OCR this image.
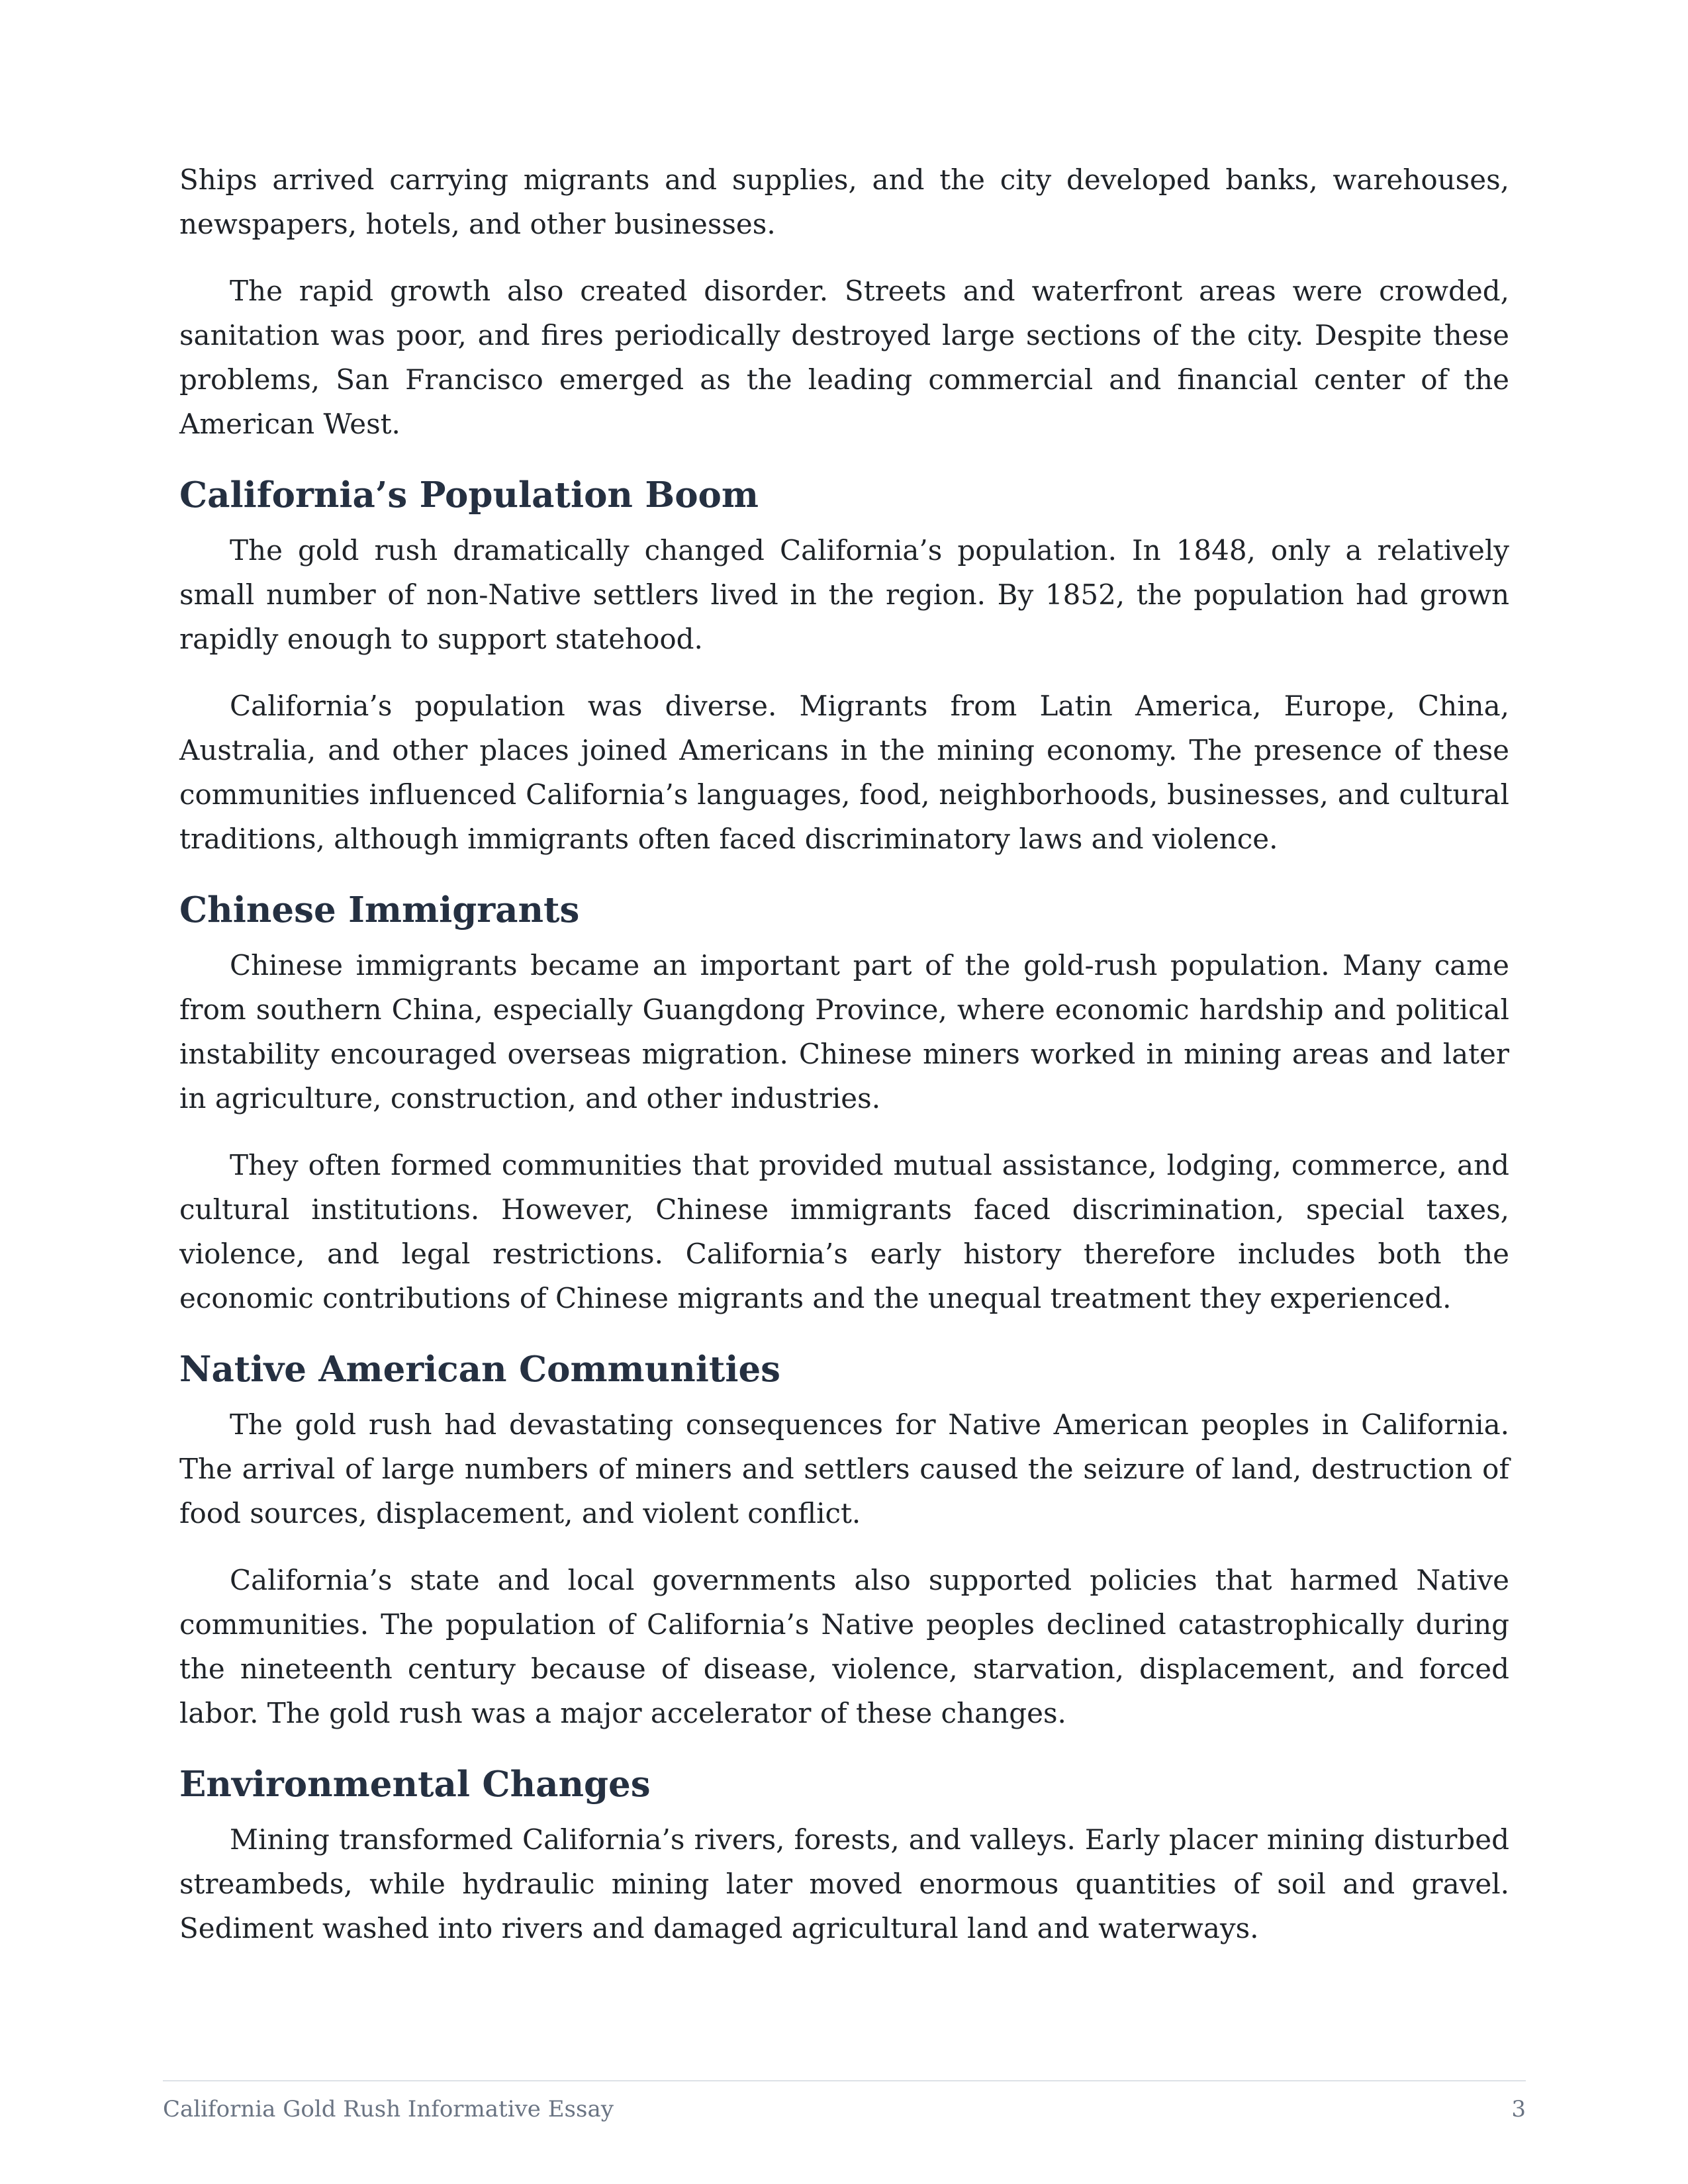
Ships arrived carrying migrants and supplies, and the city developed banks, warehouses, newspapers, hotels, and other businesses.

The rapid growth also created disorder. Streets and waterfront areas were crowded, sanitation was poor, and fires periodically destroyed large sections of the city. Despite these problems, San Francisco emerged as the leading commercial and financial center of the American West.

California’s Population Boom

The gold rush dramatically changed California’s population. In 1848, only a relatively small number of non-Native settlers lived in the region. By 1852, the population had grown rapidly enough to support statehood.

California’s population was diverse. Migrants from Latin America, Europe, China, Australia, and other places joined Americans in the mining economy. The presence of these communities influenced California’s languages, food, neighborhoods, businesses, and cultural traditions, although immigrants often faced discriminatory laws and violence.

Chinese Immigrants

Chinese immigrants became an important part of the gold-rush population. Many came from southern China, especially Guangdong Province, where economic hardship and political instability encouraged overseas migration. Chinese miners worked in mining areas and later in agriculture, construction, and other industries.

They often formed communities that provided mutual assistance, lodging, commerce, and cultural institutions. However, Chinese immigrants faced discrimination, special taxes, violence, and legal restrictions. California’s early history therefore includes both the economic contributions of Chinese migrants and the unequal treatment they experienced.

Native American Communities

The gold rush had devastating consequences for Native American peoples in California. The arrival of large numbers of miners and settlers caused the seizure of land, destruction of food sources, displacement, and violent conflict.

California’s state and local governments also supported policies that harmed Native communities. The population of California’s Native peoples declined catastrophically during the nineteenth century because of disease, violence, starvation, displacement, and forced labor. The gold rush was a major accelerator of these changes.

Environmental Changes

Mining transformed California’s rivers, forests, and valleys. Early placer mining disturbed streambeds, while hydraulic mining later moved enormous quantities of soil and gravel. Sediment washed into rivers and damaged agricultural land and waterways.

California Gold Rush Informative Essay	3
